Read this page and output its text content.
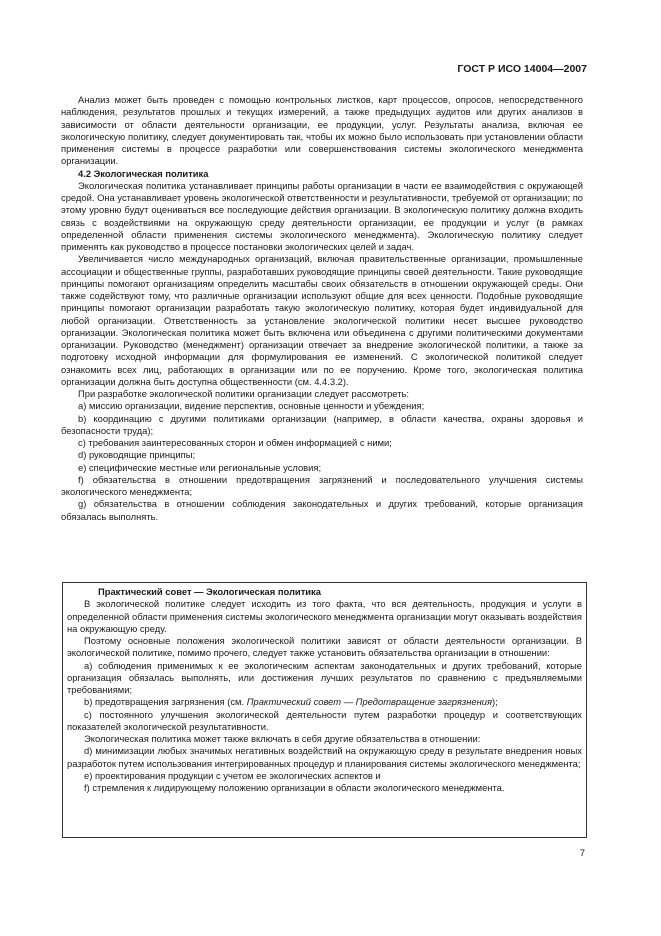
ГОСТ Р ИСО 14004—2007

Анализ может быть проведен с помощью контрольных листков, карт процессов, опросов, непосредственного наблюдения, результатов прошлых и текущих измерений, а также предыдущих аудитов или других анализов в зависимости от области деятельности организации, ее продукции, услуг. Результаты анализа, включая ее экологическую политику, следует документировать так, чтобы их можно было использовать при установлении области применения системы в процессе разработки или совершенствования системы экологического менеджмента организации.

4.2 Экологическая политика

Экологическая политика устанавливает принципы работы организации в части ее взаимодействия с окружающей средой. Она устанавливает уровень экологической ответственности и результативности, требуемой от организации; по этому уровню будут оцениваться все последующие действия организации. В экологическую политику должна входить связь с воздействиями на окружающую среду деятельности организации, ее продукции и услуг (в рамках определенной области применения системы экологического менеджмента). Экологическую политику следует применять как руководство в процессе постановки экологических целей и задач.

Увеличивается число международных организаций, включая правительственные организации, промышленные ассоциации и общественные группы, разработавших руководящие принципы своей деятельности. Такие руководящие принципы помогают организациям определить масштабы своих обязательств в отношении окружающей среды. Они также содействуют тому, что различные организации используют общие для всех ценности. Подобные руководящие принципы помогают организации разработать такую экологическую политику, которая будет индивидуальной для любой организации. Ответственность за установление экологической политики несет высшее руководство организации. Экологическая политика может быть включена или объединена с другими политическими документами организации. Руководство (менеджмент) организации отвечает за внедрение экологической политики, а также за подготовку исходной информации для формулирования ее изменений. С экологической политикой следует ознакомить всех лиц, работающих в организации или по ее поручению. Кроме того, экологическая политика организации должна быть доступна общественности (см. 4.4.3.2).

При разработке экологической политики организации следует рассмотреть:

a) миссию организации, видение перспектив, основные ценности и убеждения;

b) координацию с другими политиками организации (например, в области качества, охраны здоровья и безопасности труда);

c) требования заинтересованных сторон и обмен информацией с ними;

d) руководящие принципы;

e) специфические местные или региональные условия;

f) обязательства в отношении предотвращения загрязнений и последовательного улучшения системы экологического менеджмента;

g) обязательства в отношении соблюдения законодательных и других требований, которые организация обязалась выполнять.

Практический совет — Экологическая политика

В экологической политике следует исходить из того факта, что вся деятельность, продукция и услуги в определенной области применения системы экологического менеджмента организации могут оказывать воздействия на окружающую среду.

Поэтому основные положения экологической политики зависят от области деятельности организации. В экологической политике, помимо прочего, следует также установить обязательства организации в отношении:

a) соблюдения применимых к ее экологическим аспектам законодательных и других требований, которые организация обязалась выполнять, или достижения лучших результатов по сравнению с предъявляемыми требованиями;

b) предотвращения загрязнения (см. Практический совет — Предотвращение загрязнения);

c) постоянного улучшения экологической деятельности путем разработки процедур и соответствующих показателей экологической результативности.

Экологическая политика может также включать в себя другие обязательства в отношении:

d) минимизации любых значимых негативных воздействий на окружающую среду в результате внедрения новых разработок путем использования интегрированных процедур и планирования системы экологического менеджмента;

e) проектирования продукции с учетом ее экологических аспектов и

f) стремления к лидирующему положению организации в области экологического менеджмента.

7
